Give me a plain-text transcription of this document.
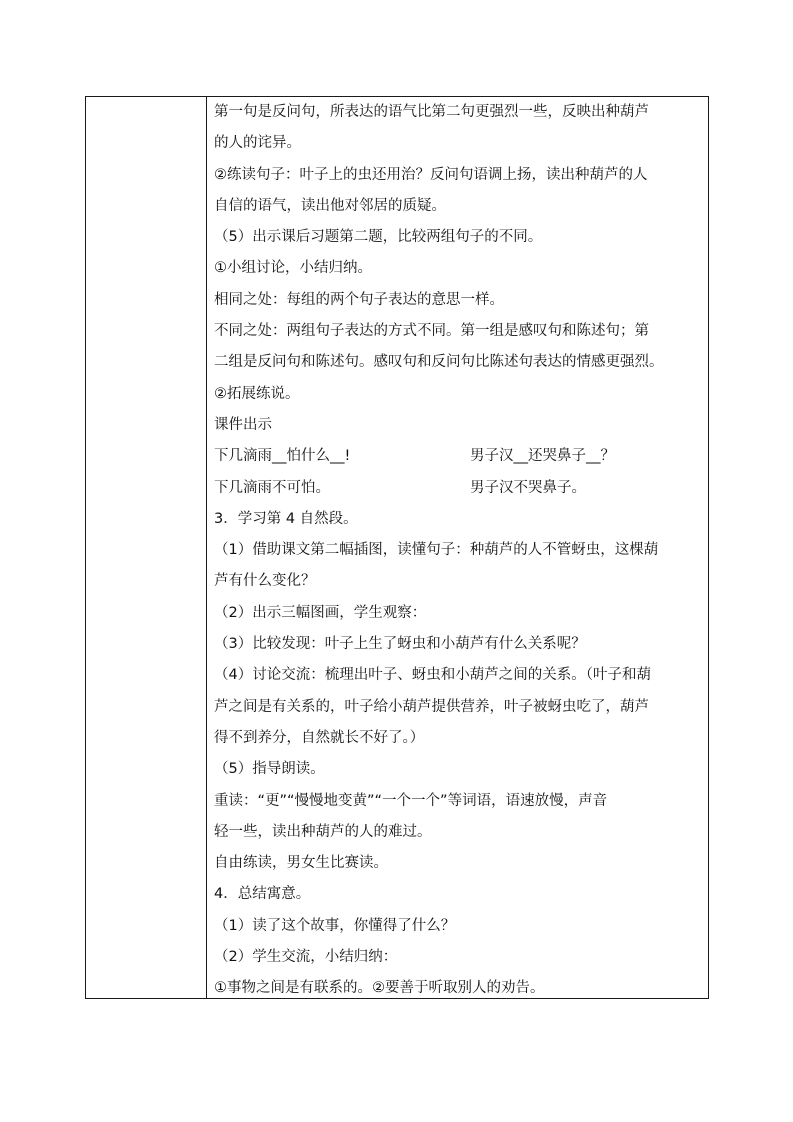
第一句是反问句，所表达的语气比第二句更强烈一些，反映出种葫芦
的人的诧异。
②练读句子：叶子上的虫还用治？反问句语调上扬，读出种葫芦的人
自信的语气，读出他对邻居的质疑。
（5）出示课后习题第二题，比较两组句子的不同。
①小组讨论，小结归纳。
相同之处：每组的两个句子表达的意思一样。
不同之处：两组句子表达的方式不同。第一组是感叹句和陈述句；第
二组是反问句和陈述句。感叹句和反问句比陈述句表达的情感更强烈。
②拓展练说。
课件出示
下几滴雨__怕什么__!	男子汉__还哭鼻子__？
下几滴雨不可怕。	男子汉不哭鼻子。
3．学习第 4 自然段。
（1）借助课文第二幅插图，读懂句子：种葫芦的人不管蚜虫，这棵葫
芦有什么变化？
（2）出示三幅图画，学生观察：
（3）比较发现：叶子上生了蚜虫和小葫芦有什么关系呢？
（4）讨论交流：梳理出叶子、蚜虫和小葫芦之间的关系。（叶子和葫
芦之间是有关系的，叶子给小葫芦提供营养，叶子被蚜虫吃了，葫芦
得不到养分，自然就长不好了。）
（5）指导朗读。
重读：“更”“慢慢地变黄”“一个一个”等词语，语速放慢，声音
轻一些，读出种葫芦的人的难过。
自由练读，男女生比赛读。
4．总结寓意。
（1）读了这个故事，你懂得了什么？
（2）学生交流，小结归纳：
①事物之间是有联系的。②要善于听取别人的劝告。
